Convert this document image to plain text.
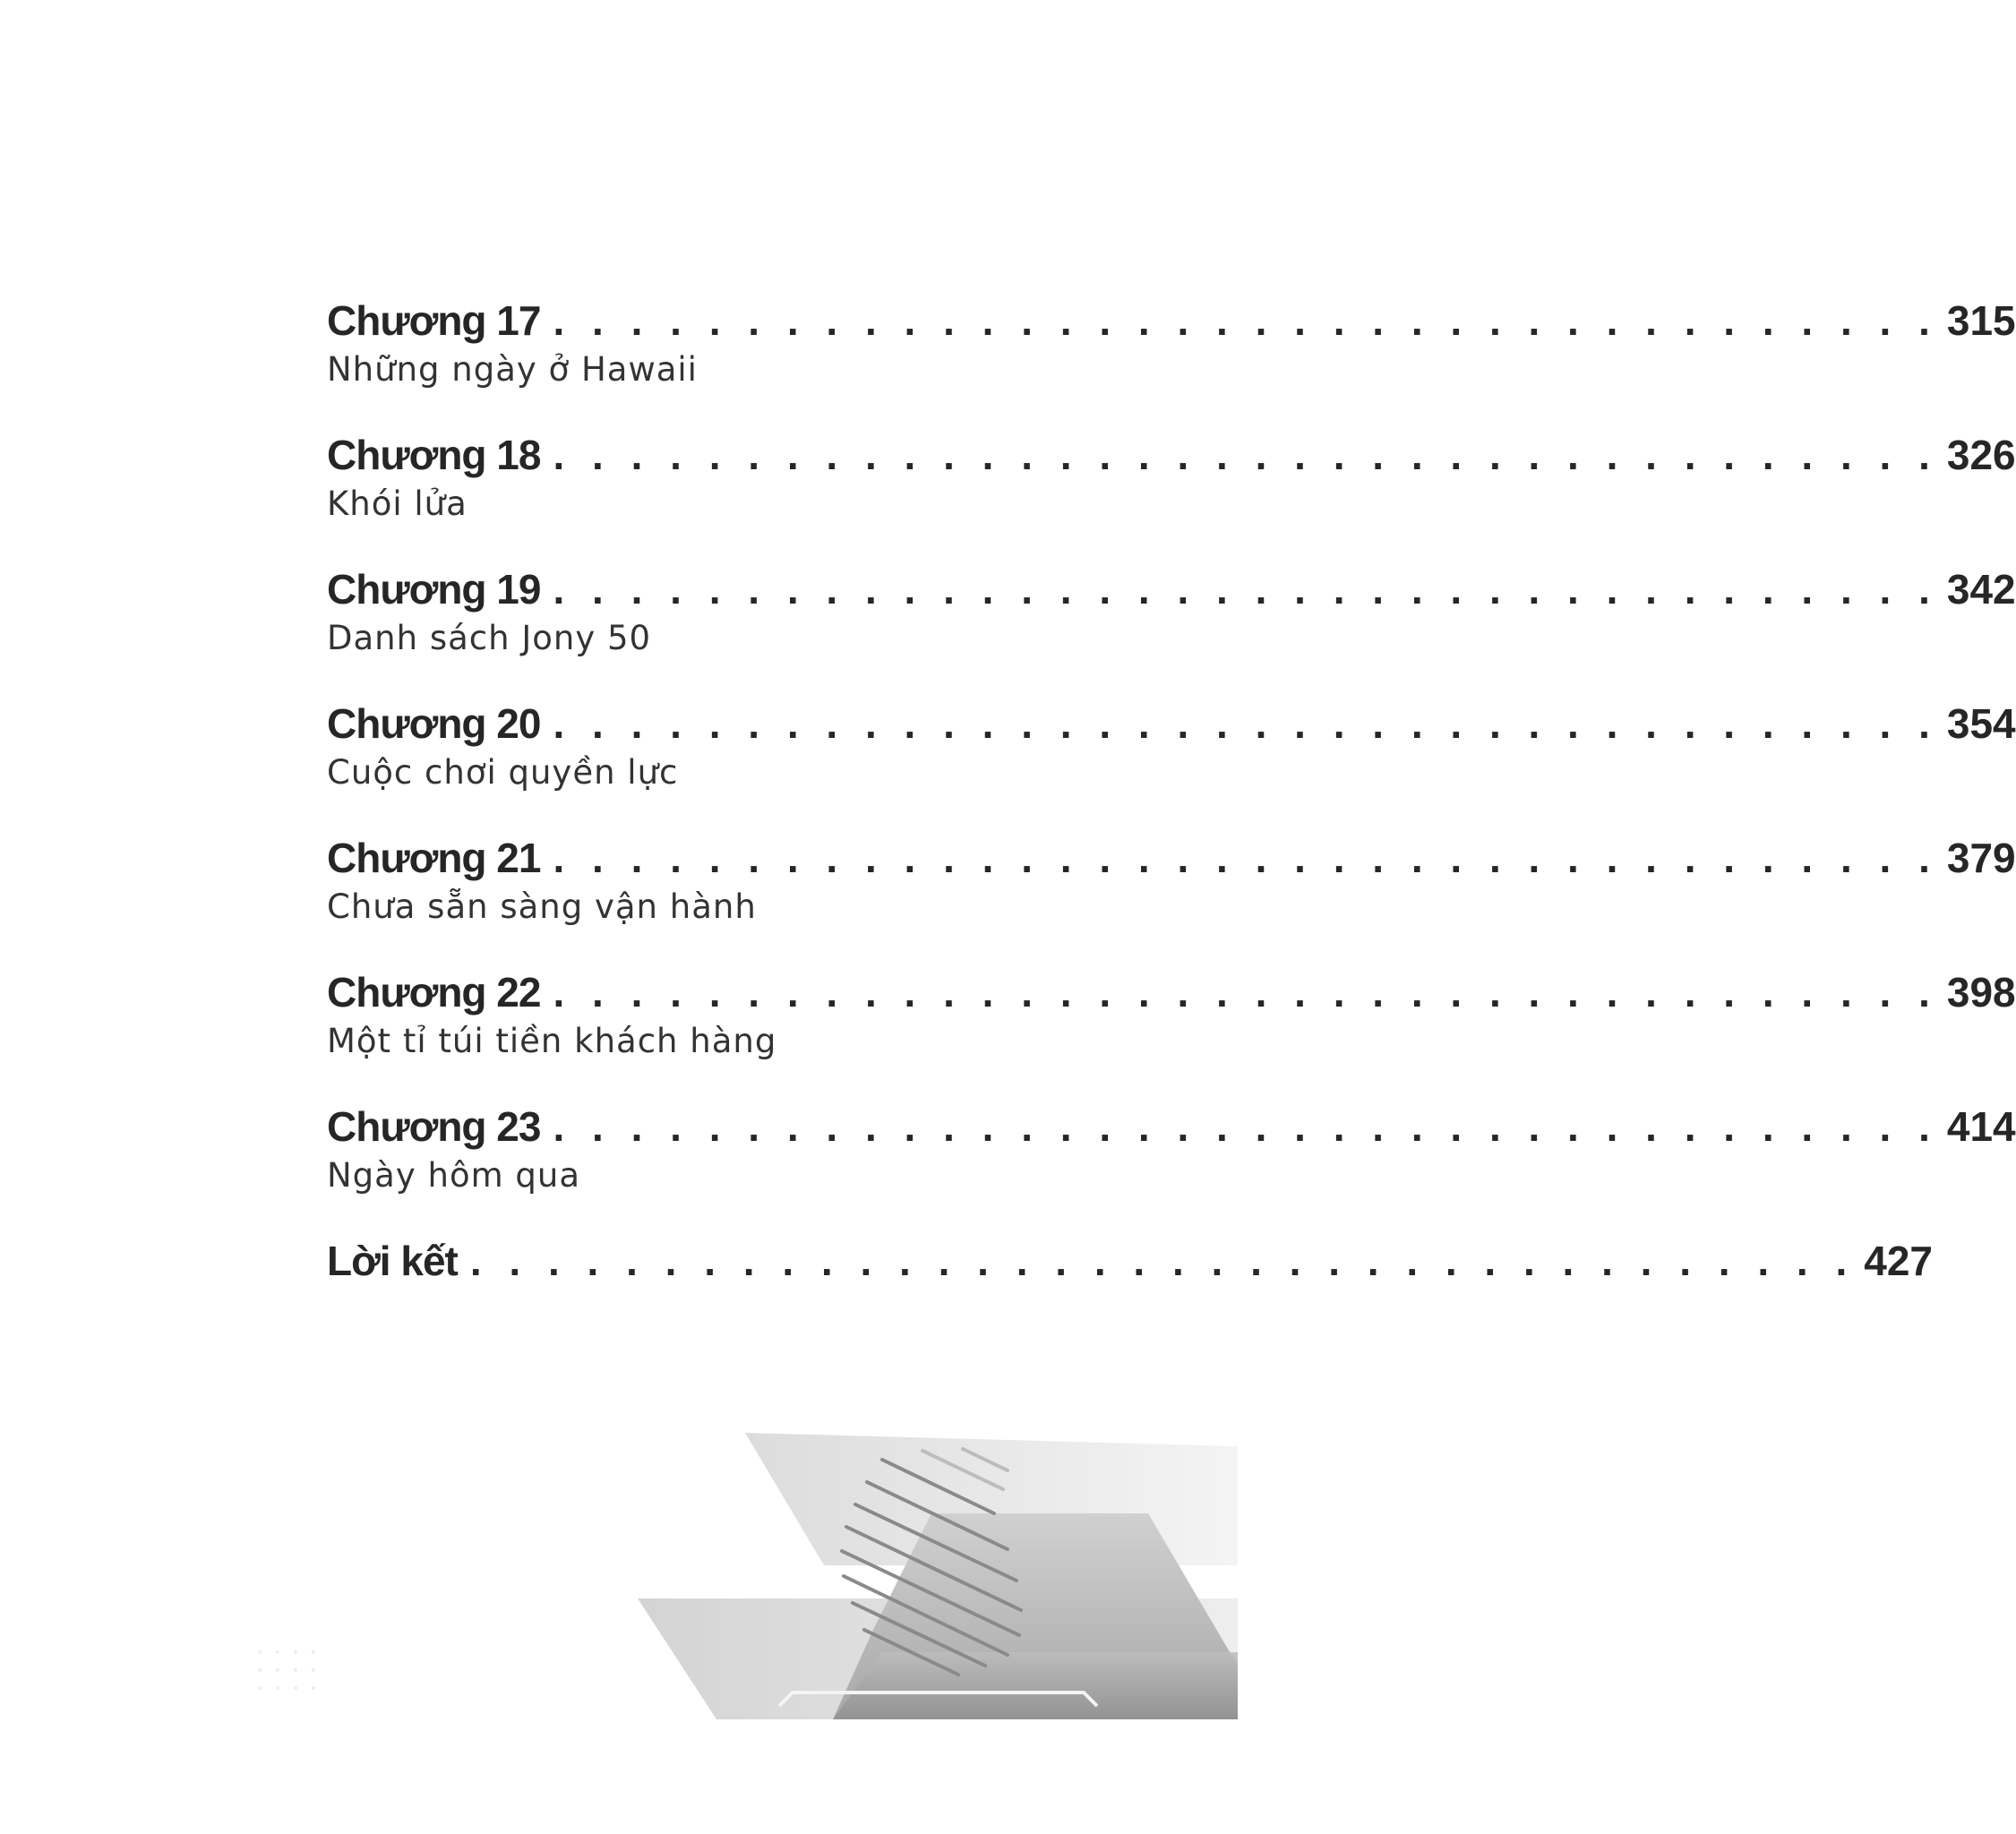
Chương 17 . . . . . . . . . . . . . . . . . . . . . . . . . . . . . . . . . . . . 315
Những ngày ở Hawaii
Chương 18 . . . . . . . . . . . . . . . . . . . . . . . . . . . . . . . . . . . . 326
Khói lửa
Chương 19 . . . . . . . . . . . . . . . . . . . . . . . . . . . . . . . . . . . . 342
Danh sách Jony 50
Chương 20 . . . . . . . . . . . . . . . . . . . . . . . . . . . . . . . . . . . . 354
Cuộc chơi quyền lực
Chương 21 . . . . . . . . . . . . . . . . . . . . . . . . . . . . . . . . . . . . 379
Chưa sẵn sàng vận hành
Chương 22 . . . . . . . . . . . . . . . . . . . . . . . . . . . . . . . . . . . . 398
Một tỉ túi tiền khách hàng
Chương 23 . . . . . . . . . . . . . . . . . . . . . . . . . . . . . . . . . . . . 414
Ngày hôm qua
Lời kết . . . . . . . . . . . . . . . . . . . . . . . . . . . . . . . . . . . . 427
